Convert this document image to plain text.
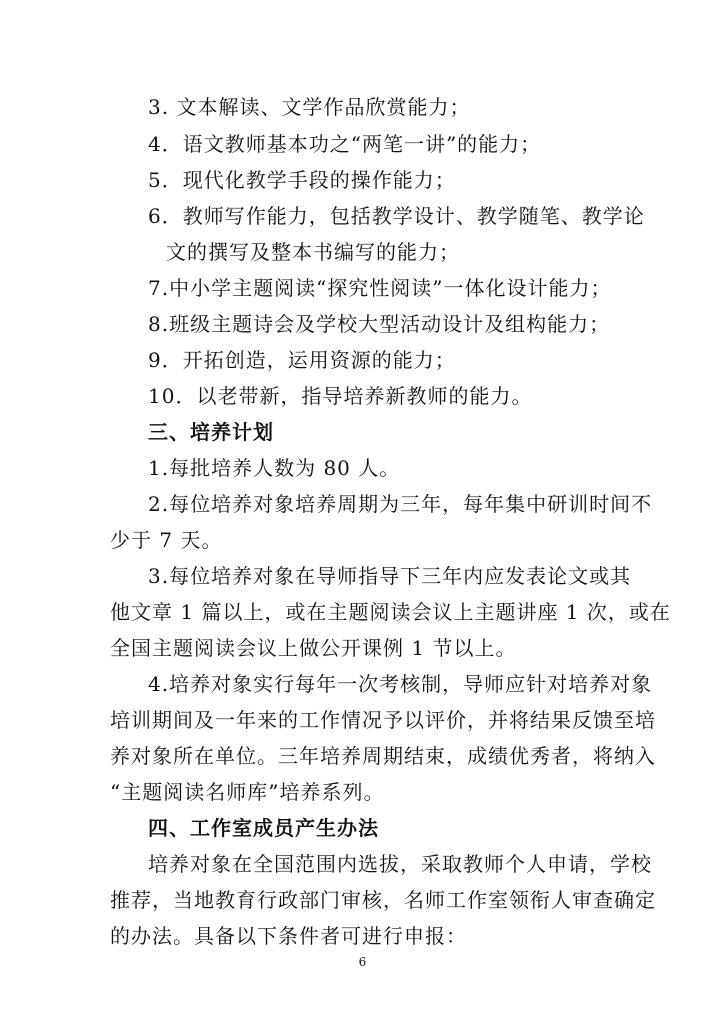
3. 文本解读、文学作品欣赏能力；
4．语文教师基本功之“两笔一讲”的能力；
5．现代化教学手段的操作能力；
6．教师写作能力，包括教学设计、教学随笔、教学论
文的撰写及整本书编写的能力；
7.中小学主题阅读“探究性阅读”一体化设计能力；
8.班级主题诗会及学校大型活动设计及组构能力；
9．开拓创造，运用资源的能力；
10．以老带新，指导培养新教师的能力。
三、培养计划
1.每批培养人数为 80 人。
2.每位培养对象培养周期为三年，每年集中研训时间不
少于 7 天。
3.每位培养对象在导师指导下三年内应发表论文或其
他文章 1 篇以上，或在主题阅读会议上主题讲座 1 次，或在
全国主题阅读会议上做公开课例 1 节以上。
4.培养对象实行每年一次考核制，导师应针对培养对象
培训期间及一年来的工作情况予以评价，并将结果反馈至培
养对象所在单位。三年培养周期结束，成绩优秀者，将纳入
“主题阅读名师库”培养系列。
四、工作室成员产生办法
培养对象在全国范围内选拔，采取教师个人申请，学校
推荐，当地教育行政部门审核，名师工作室领衔人审查确定
的办法。具备以下条件者可进行申报：
6
